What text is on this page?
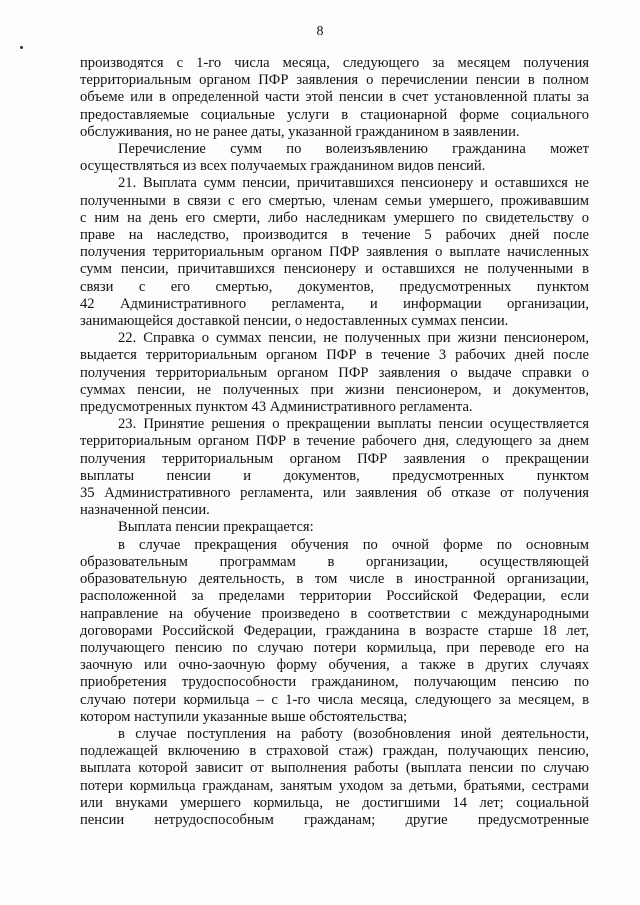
8

производятся с 1-го числа месяца, следующего за месяцем получения
территориальным органом ПФР заявления о перечислении пенсии в полном
объеме или в определенной части этой пенсии в счет установленной платы за
предоставляемые социальные услуги в стационарной форме социального
обслуживания, но не ранее даты, указанной гражданином в заявлении.

Перечисление сумм по волеизъявлению гражданина может
осуществляться из всех получаемых гражданином видов пенсий.

21. Выплата сумм пенсии, причитавшихся пенсионеру и оставшихся не
полученными в связи с его смертью, членам семьи умершего, проживавшим
с ним на день его смерти, либо наследникам умершего по свидетельству о
праве на наследство, производится в течение 5 рабочих дней после
получения территориальным органом ПФР заявления о выплате начисленных
сумм пенсии, причитавшихся пенсионеру и оставшихся не полученными в
связи с его смертью, документов, предусмотренных пунктом
42 Административного регламента, и информации организации,
занимающейся доставкой пенсии, о недоставленных суммах пенсии.

22. Справка о суммах пенсии, не полученных при жизни пенсионером,
выдается территориальным органом ПФР в течение 3 рабочих дней после
получения территориальным органом ПФР заявления о выдаче справки о
суммах пенсии, не полученных при жизни пенсионером, и документов,
предусмотренных пунктом 43 Административного регламента.

23. Принятие решения о прекращении выплаты пенсии осуществляется
территориальным органом ПФР в течение рабочего дня, следующего за днем
получения территориальным органом ПФР заявления о прекращении
выплаты пенсии и документов, предусмотренных пунктом
35 Административного регламента, или заявления об отказе от получения
назначенной пенсии.

Выплата пенсии прекращается:

в случае прекращения обучения по очной форме по основным
образовательным программам в организации, осуществляющей
образовательную деятельность, в том числе в иностранной организации,
расположенной за пределами территории Российской Федерации, если
направление на обучение произведено в соответствии с международными
договорами Российской Федерации, гражданина в возрасте старше 18 лет,
получающего пенсию по случаю потери кормильца, при переводе его на
заочную или очно-заочную форму обучения, а также в других случаях
приобретения трудоспособности гражданином, получающим пенсию по
случаю потери кормильца – с 1-го числа месяца, следующего за месяцем, в
котором наступили указанные выше обстоятельства;

в случае поступления на работу (возобновления иной деятельности,
подлежащей включению в страховой стаж) граждан, получающих пенсию,
выплата которой зависит от выполнения работы (выплата пенсии по случаю
потери кормильца гражданам, занятым уходом за детьми, братьями, сестрами
или внуками умершего кормильца, не достигшими 14 лет; социальной
пенсии нетрудоспособным гражданам; другие предусмотренные
